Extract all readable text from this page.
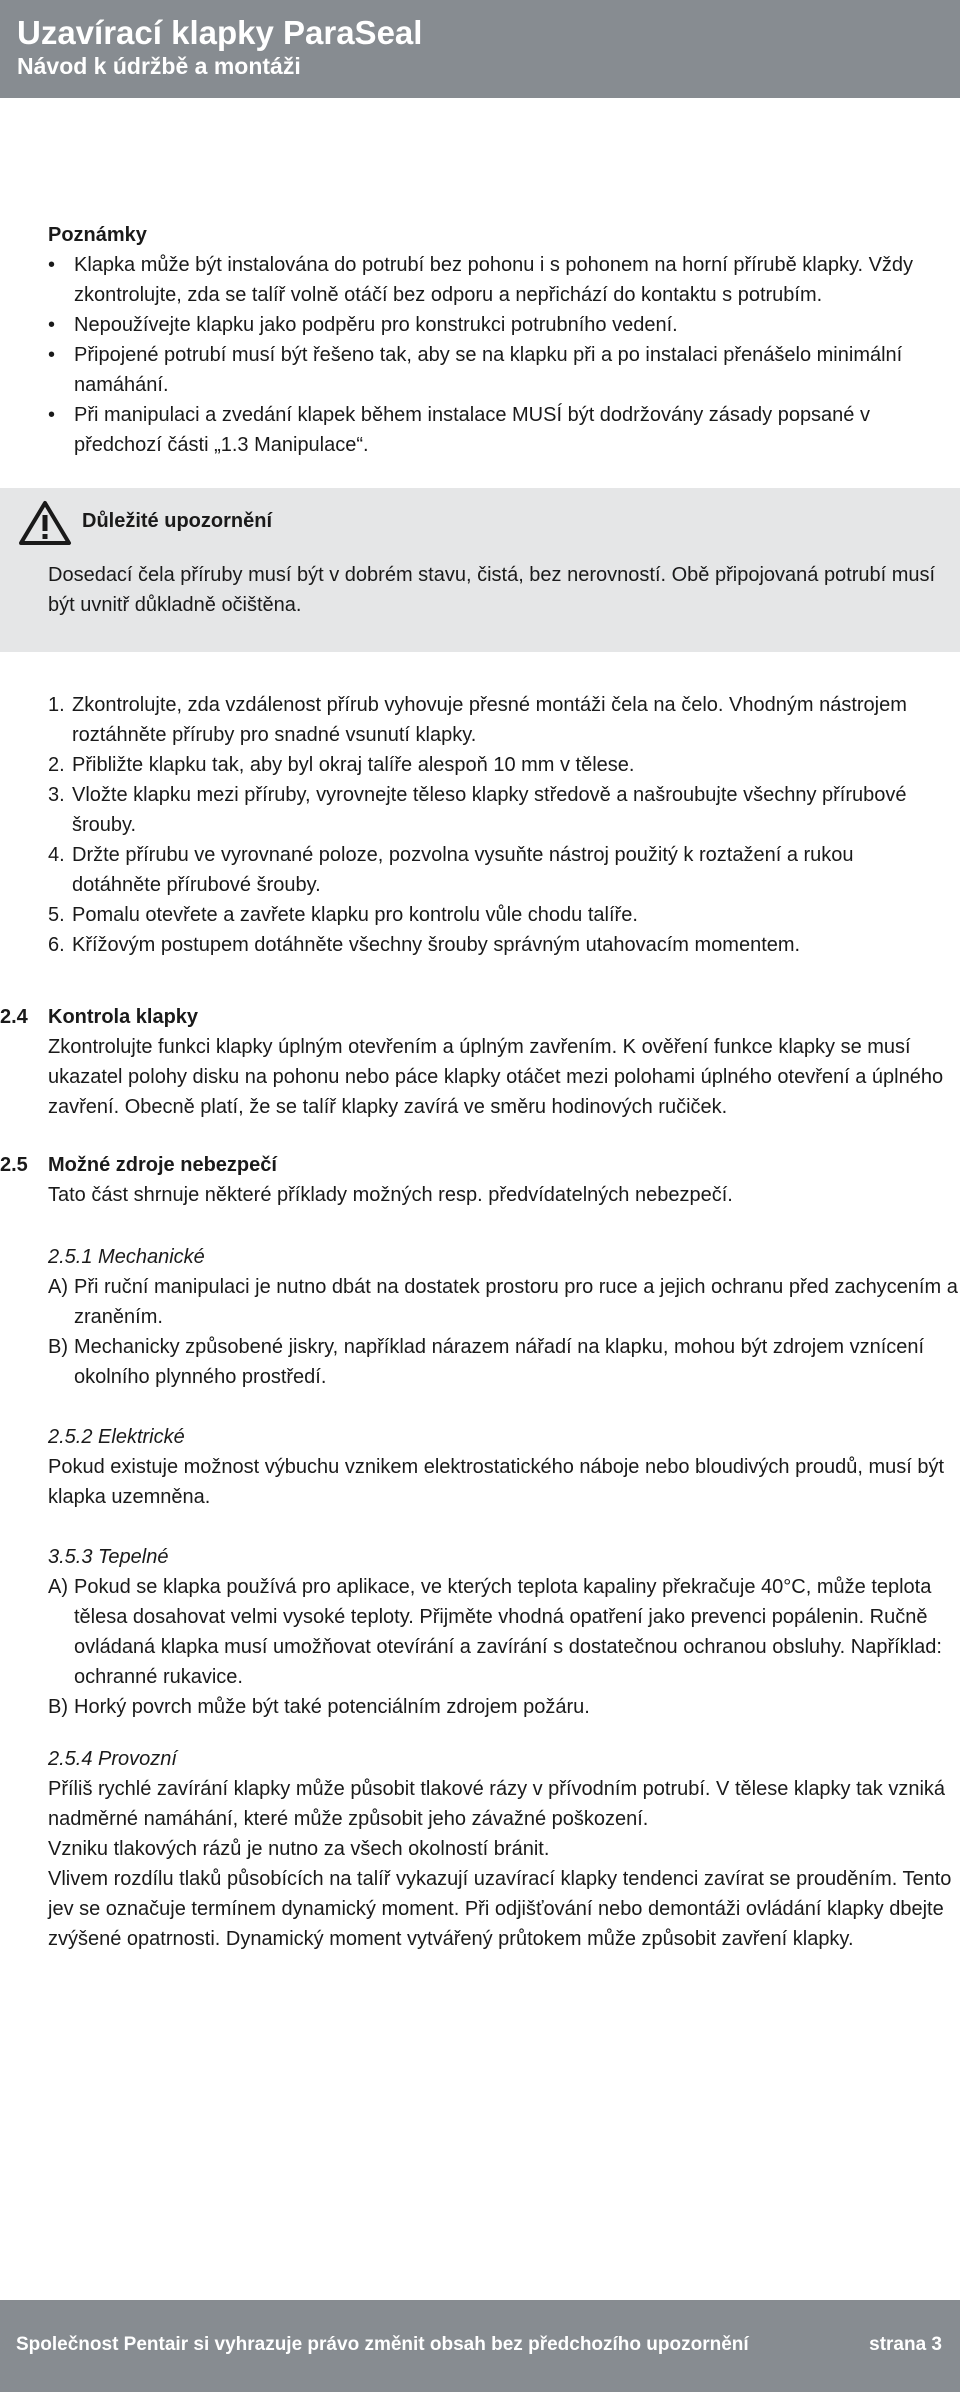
Uzavírací klapky ParaSeal
Návod k údržbě a montáži
Poznámky
• Klapka může být instalována do potrubí bez pohonu i s pohonem na horní přírubě klapky. Vždy zkontrolujte, zda se talíř volně otáčí bez odporu a nepřichází do kontaktu s potrubím.
• Nepoužívejte klapku jako podpěru pro konstrukci potrubního vedení.
• Připojené potrubí musí být řešeno tak, aby se na klapku při a po instalaci přenášelo minimální namáhání.
• Při manipulaci a zvedání klapek během instalace MUSÍ být dodržovány zásady popsané v předchozí části „1.3 Manipulace“.
Důležité upozornění
Dosedací čela příruby musí být v dobrém stavu, čistá, bez nerovností. Obě připojovaná potrubí musí být uvnitř důkladně očištěna.
1. Zkontrolujte, zda vzdálenost přírub vyhovuje přesné montáži čela na čelo. Vhodným nástrojem roztáhněte příruby pro snadné vsunutí klapky.
2. Přibližte klapku tak, aby byl okraj talíře alespoň 10 mm v tělese.
3. Vložte klapku mezi příruby, vyrovnejte těleso klapky středově a našroubujte všechny přírubové šrouby.
4. Držte přírubu ve vyrovnané poloze, pozvolna vysuňte nástroj použitý k roztažení a rukou dotáhněte přírubové šrouby.
5. Pomalu otevřete a zavřete klapku pro kontrolu vůle chodu talíře.
6. Křížovým postupem dotáhněte všechny šrouby správným utahovacím momentem.
2.4 Kontrola klapky
Zkontrolujte funkci klapky úplným otevřením a úplným zavřením. K ověření funkce klapky se musí ukazatel polohy disku na pohonu nebo páce klapky otáčet mezi polohami úplného otevření a úplného zavření. Obecně platí, že se talíř klapky zavírá ve směru hodinových ručiček.
2.5 Možné zdroje nebezpečí
Tato část shrnuje některé příklady možných resp. předvídatelných nebezpečí.
2.5.1 Mechanické
A) Při ruční manipulaci je nutno dbát na dostatek prostoru pro ruce a jejich ochranu před zachycením a zraněním.
B) Mechanicky způsobené jiskry, například nárazem nářadí na klapku, mohou být zdrojem vznícení okolního plynného prostředí.
2.5.2 Elektrické
Pokud existuje možnost výbuchu vznikem elektrostatického náboje nebo bloudivých proudů, musí být klapka uzemněna.
3.5.3 Tepelné
A) Pokud se klapka používá pro aplikace, ve kterých teplota kapaliny překračuje 40°C, může teplota tělesa dosahovat velmi vysoké teploty. Přijměte vhodná opatření jako prevenci popálenin. Ručně ovládaná klapka musí umožňovat otevírání a zavírání s dostatečnou ochranou obsluhy. Například: ochranné rukavice.
B) Horký povrch může být také potenciálním zdrojem požáru.
2.5.4 Provozní
Příliš rychlé zavírání klapky může působit tlakové rázy v přívodním potrubí. V tělese klapky tak vzniká nadměrné namáhání, které může způsobit jeho závažné poškození.
Vzniku tlakových rázů je nutno za všech okolností bránit.
Vlivem rozdílu tlaků působících na talíř vykazují uzavírací klapky tendenci zavírat se prouděním. Tento jev se označuje termínem dynamický moment. Při odjišťování nebo demontáži ovládání klapky dbejte zvýšené opatrnosti. Dynamický moment vytvářený průtokem může způsobit zavření klapky.
Společnost Pentair si vyhrazuje právo změnit obsah bez předchozího upozornění	strana 3
